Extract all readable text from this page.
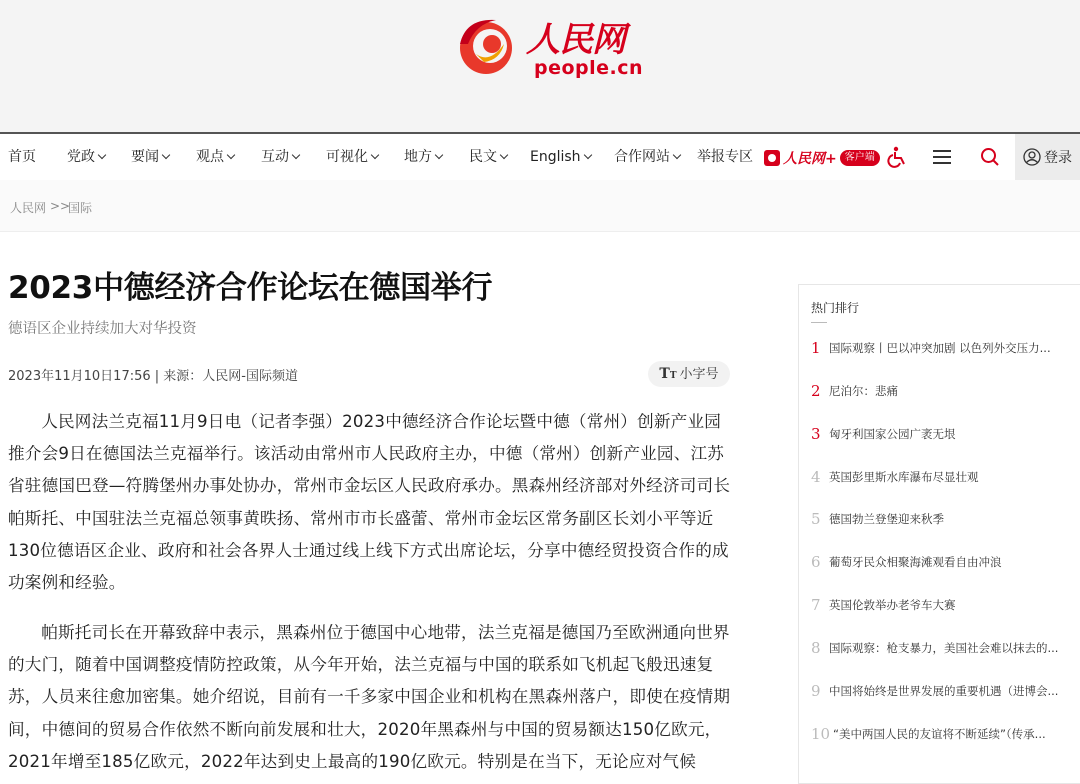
人民网
people.cn
首页 党政	要闻	观点	互动	可视化	地方	民文	English	合作网站	举报专区 人民网+ 客户端	登录
人民网 >>
国际
2023中德经济合作论坛在德国举行
德语区企业持续加大对华投资
2023年11月10日17:56 | 来源：人民网-国际频道	TT 小字号

人民网法兰克福11月9日电（记者李强）2023中德经济合作论坛暨中德（常州）创新产业园推介会9日在德国法兰克福举行。该活动由常州市人民政府主办，中德（常州）创新产业园、江苏省驻德国巴登—符腾堡州办事处协办，常州市金坛区人民政府承办。黑森州经济部对外经济司司长帕斯托、中国驻法兰克福总领事黄昳扬、常州市市长盛蕾、常州市金坛区常务副区长刘小平等近130位德语区企业、政府和社会各界人士通过线上线下方式出席论坛，分享中德经贸投资合作的成功案例和经验。

帕斯托司长在开幕致辞中表示，黑森州位于德国中心地带，法兰克福是德国乃至欧洲通向世界的大门，随着中国调整疫情防控政策，从今年开始，法兰克福与中国的联系如飞机起飞般迅速复苏，人员来往愈加密集。她介绍说，目前有一千多家中国企业和机构在黑森州落户，即使在疫情期间，中德间的贸易合作依然不断向前发展和壮大，2020年黑森州与中国的贸易额达150亿欧元，2021年增至185亿欧元，2022年达到史上最高的190亿欧元。特别是在当下，无论应对气候

热门排行
1 国际观察丨巴以冲突加剧 以色列外交压力...
2 尼泊尔：悲痛
3 匈牙利国家公园广袤无垠
4 英国彭里斯水库瀑布尽显壮观
5 德国勃兰登堡迎来秋季
6 葡萄牙民众相聚海滩观看自由冲浪
7 英国伦敦举办老爷车大赛
8 国际观察：枪支暴力，美国社会难以抹去的...
9 中国将始终是世界发展的重要机遇（进博会...
10 “美中两国人民的友谊将不断延续”（传承...
